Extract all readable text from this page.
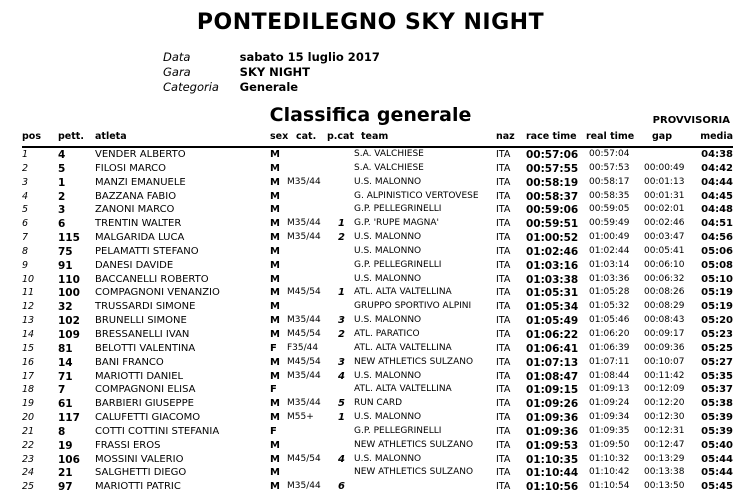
PONTEDILEGNO SKY NIGHT
Data	sabato 15 luglio 2017
Gara	SKY NIGHT
Categoria Generale
Classifica generale	PROVVISORIA
pos pett. atleta	sex cat. p.cat team	naz race time real time gap	media
1	4	VENDER ALBERTO	M	S.A. VALCHIESE	ITA 00:57:06 00:57:04	04:38
2	5	FILOSI MARCO	M	S.A. VALCHIESE	ITA 00:57:55 00:57:53 00:00:49 04:42
3	1	MANZI EMANUELE	M M35/44	U.S. MALONNO	ITA 00:58:19 00:58:17 00:01:13 04:44
4	2	BAZZANA FABIO	M	G. ALPINISTICO VERTOVESE ITA 00:58:37 00:58:35 00:01:31 04:45
5	3	ZANONI MARCO	M	G.P. PELLEGRINELLI	ITA 00:59:06 00:59:05 00:02:01 04:48
6	6	TRENTIN WALTER	M M35/44 1 G.P. 'RUPE MAGNA'	ITA 00:59:51 00:59:49 00:02:46 04:51
7	115 MALGARIDA LUCA	M M35/44 2 U.S. MALONNO	ITA 01:00:52 01:00:49 00:03:47 04:56
8	75 PELAMATTI STEFANO	M	U.S. MALONNO	ITA 01:02:46 01:02:44 00:05:41 05:06
9	91 DANESI DAVIDE	M	G.P. PELLEGRINELLI	ITA 01:03:16 01:03:14 00:06:10 05:08
10 110 BACCANELLI ROBERTO	M	U.S. MALONNO	ITA 01:03:38 01:03:36 00:06:32 05:10
11 100 COMPAGNONI VENANZIO	M M45/54 1 ATL. ALTA VALTELLINA	ITA 01:05:31 01:05:28 00:08:26 05:19
12 32 TRUSSARDI SIMONE	M	GRUPPO SPORTIVO ALPINI	ITA 01:05:34 01:05:32 00:08:29 05:19
13 102 BRUNELLI SIMONE	M M35/44 3 U.S. MALONNO	ITA 01:05:49 01:05:46 00:08:43 05:20
14 109 BRESSANELLI IVAN	M M45/54 2 ATL. PARATICO	ITA 01:06:22 01:06:20 00:09:17 05:23
15 81 BELOTTI VALENTINA	F F35/44	ATL. ALTA VALTELLINA	ITA 01:06:41 01:06:39 00:09:36 05:25
16 14 BANI FRANCO	M M45/54 3 NEW ATHLETICS SULZANO ITA 01:07:13 01:07:11 00:10:07 05:27
17 71 MARIOTTI DANIEL	M M35/44 4 U.S. MALONNO	ITA 01:08:47 01:08:44 00:11:42 05:35
18 7	COMPAGNONI ELISA	F	ATL. ALTA VALTELLINA	ITA 01:09:15 01:09:13 00:12:09 05:37
19 61 BARBIERI GIUSEPPE	M M35/44 5 RUN CARD	ITA 01:09:26 01:09:24 00:12:20 05:38
20 117 CALUFETTI GIACOMO	M M55+ 1 U.S. MALONNO	ITA 01:09:36 01:09:34 00:12:30 05:39
21 8	COTTI COTTINI STEFANIA	F	G.P. PELLEGRINELLI	ITA 01:09:36 01:09:35 00:12:31 05:39
22 19 FRASSI EROS	M	NEW ATHLETICS SULZANO ITA 01:09:53 01:09:50 00:12:47 05:40
23 106 MOSSINI VALERIO	M M45/54 4 U.S. MALONNO	ITA 01:10:35 01:10:32 00:13:29 05:44
24 21 SALGHETTI DIEGO	M	NEW ATHLETICS SULZANO ITA 01:10:44 01:10:42 00:13:38 05:44
25 97 MARIOTTI PATRIC	M M35/44 6	ITA 01:10:56 01:10:54 00:13:50 05:45
